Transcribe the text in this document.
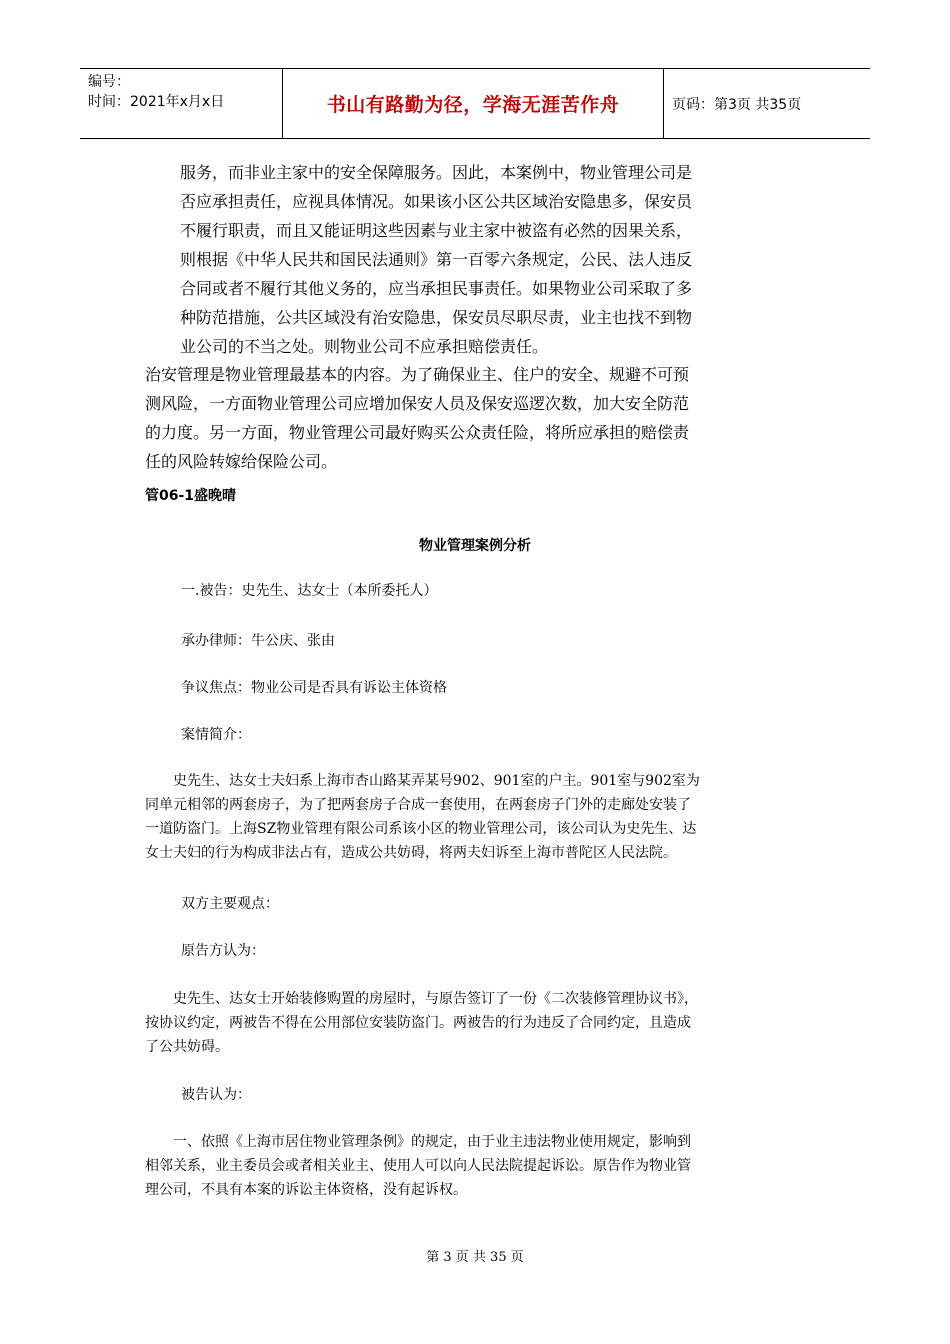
编号：
时间：2021年x月x日	书山有路勤为径，学海无涯苦作舟	页码：第3页 共35页

服务，而非业主家中的安全保障服务。因此，本案例中，物业管理公司是

否应承担责任，应视具体情况。如果该小区公共区域治安隐患多，保安员

不履行职责，而且又能证明这些因素与业主家中被盗有必然的因果关系，

则根据《中华人民共和国民法通则》第一百零六条规定，公民、法人违反

合同或者不履行其他义务的，应当承担民事责任。如果物业公司采取了多

种防范措施，公共区域没有治安隐患，保安员尽职尽责，业主也找不到物

业公司的不当之处。则物业公司不应承担赔偿责任。

治安管理是物业管理最基本的内容。为了确保业主、住户的安全、规避不可预

测风险，一方面物业管理公司应增加保安人员及保安巡逻次数，加大安全防范

的力度。另一方面，物业管理公司最好购买公众责任险，将所应承担的赔偿责

任的风险转嫁给保险公司。

管06-1盛晚晴
物业管理案例分析
一.被告：史先生、达女士（本所委托人）
承办律师：牛公庆、张由
争议焦点：物业公司是否具有诉讼主体资格
案情简介：

史先生、达女士夫妇系上海市杏山路某弄某号902、901室的户主。901室与902室为

同单元相邻的两套房子，为了把两套房子合成一套使用，在两套房子门外的走廊处安装了

一道防盗门。上海SZ物业管理有限公司系该小区的物业管理公司，该公司认为史先生、达

女士夫妇的行为构成非法占有，造成公共妨碍，将两夫妇诉至上海市普陀区人民法院。

双方主要观点：
原告方认为：

史先生、达女士开始装修购置的房屋时，与原告签订了一份《二次装修管理协议书》，

按协议约定，两被告不得在公用部位安装防盗门。两被告的行为违反了合同约定，且造成

了公共妨碍。

被告认为：

一、依照《上海市居住物业管理条例》的规定，由于业主违法物业使用规定，影响到

相邻关系，业主委员会或者相关业主、使用人可以向人民法院提起诉讼。原告作为物业管

理公司，不具有本案的诉讼主体资格，没有起诉权。

第 3 页 共 35 页
